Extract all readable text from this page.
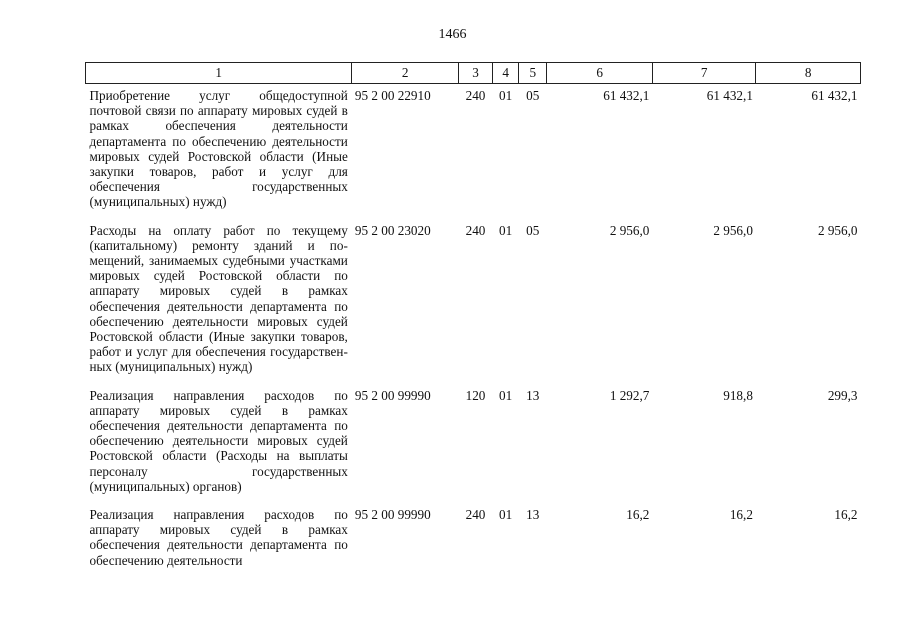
1466
1	2	3	4	5	6	7	8
Приобретение услуг общедоступной почтовой связи по аппарату мировых судей в рамках обеспечения деятельности департамента по обеспечению деятельности мировых судей Ростовской области (Иные закупки товаров, работ и услуг для обеспечения государственных (муниципальных) нужд)	95 2 00 22910	240	01	05	61 432,1	61 432,1	61 432,1
Расходы на оплату работ по текущему (капитальному) ремонту зданий и помещений, занимаемых судебными участками мировых судей Ростовской области по аппарату мировых судей в рамках обеспечения деятельности департамента по обеспечению деятельности мировых судей Ростовской области (Иные закупки товаров, работ и услуг для обеспечения государственных (муниципальных) нужд)	95 2 00 23020	240	01	05	2 956,0	2 956,0	2 956,0
Реализация направления расходов по аппарату мировых судей в рамках обеспечения деятельности департамента по обеспечению деятельности мировых судей Ростовской области (Расходы на выплаты персоналу государственных (муниципальных) органов)	95 2 00 99990	120	01	13	1 292,7	918,8	299,3
Реализация направления расходов по аппарату мировых судей в рамках обеспечения деятельности департамента по обеспечению деятельности	95 2 00 99990	240	01	13	16,2	16,2	16,2
